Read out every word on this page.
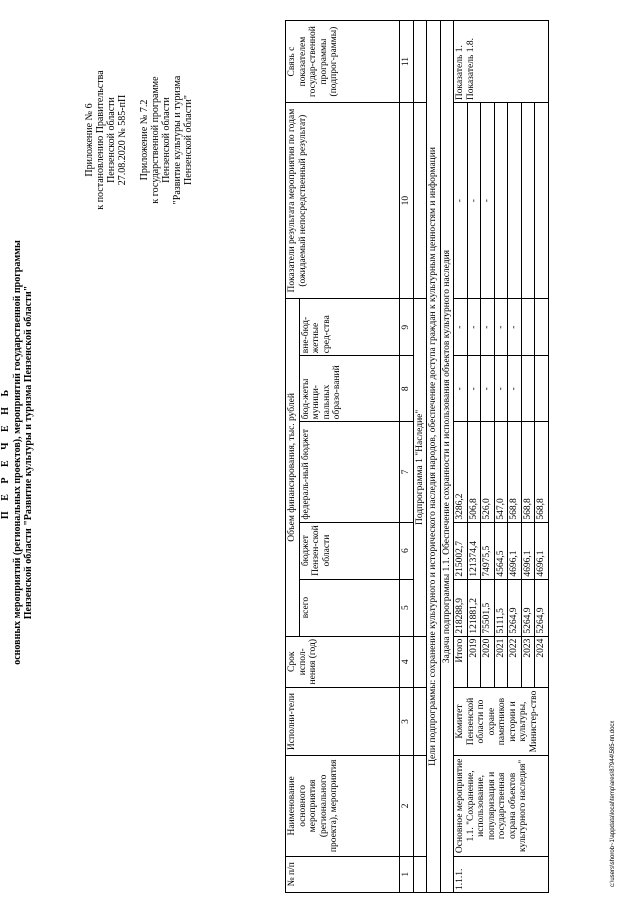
Приложение № 6 к постановлению Правительства Пензенской области 27.08.2020 № 585-пП Приложение № 7.2 к государственной программе Пензенской области "Развитие культуры и туризма Пензенской области"
П Е Р Е Ч Е Н Ь основных мероприятий (региональных проектов), мероприятий государственной программы Пензенской области "Развитие культуры и туризма Пензенской области"
№ п/п	Наименование основного мероприятия (регионального проекта), мероприятия	Исполни-тели	Срок испол-нения (год)	Объем финансирования, тыс. рублей					Показатели результата мероприятия по годам (ожидаемый непосредственный результат)	Связь с показателем государ-ственной программы (подпрог-раммы)
				всего	бюджет Пензен-ской области	федераль-ный бюджет	бюд-жеты муници-пальных образо-ваний	вне-бюд-жетные сред-ства		
1	2	3	4	5	6	7	8	9	10	11
				Подпрограмма 1 "Наследие"						
Цели подпрограммы: сохранение культурного и исторического наследия народов, обеспечение доступа граждан к культурным ценностям и информации										
Задача подпрограммы 1.1. Обеспечение сохранности и использования объектов культурного наследия										
1.1.1.	Основное мероприятие 1.1. "Сохранение, использование, популяризация и государственная охрана объектов культурного наследия"	Комитет Пензенской области по охране памятников истории и культуры, Министер-ство	Итого	218288,9	215002,7	3286,2	-	-	-	Показатель 1. Показатель 1.8.

			2019	121881,2	121374,4	506,8	-	-	-	
			2020	75501,5	74975,5	526,0	-	-	-	
			2021	5111,5	4564,5	547,0	-	-		
			2022	5264,9	4696,1	568,8	-	-		
			2023	5264,9	4696,1	568,8				
			2024	5264,9	4696,1	568,8				
c:\users\shorob~1\appdata\local\temp\ares\87944\585-пп.docx
